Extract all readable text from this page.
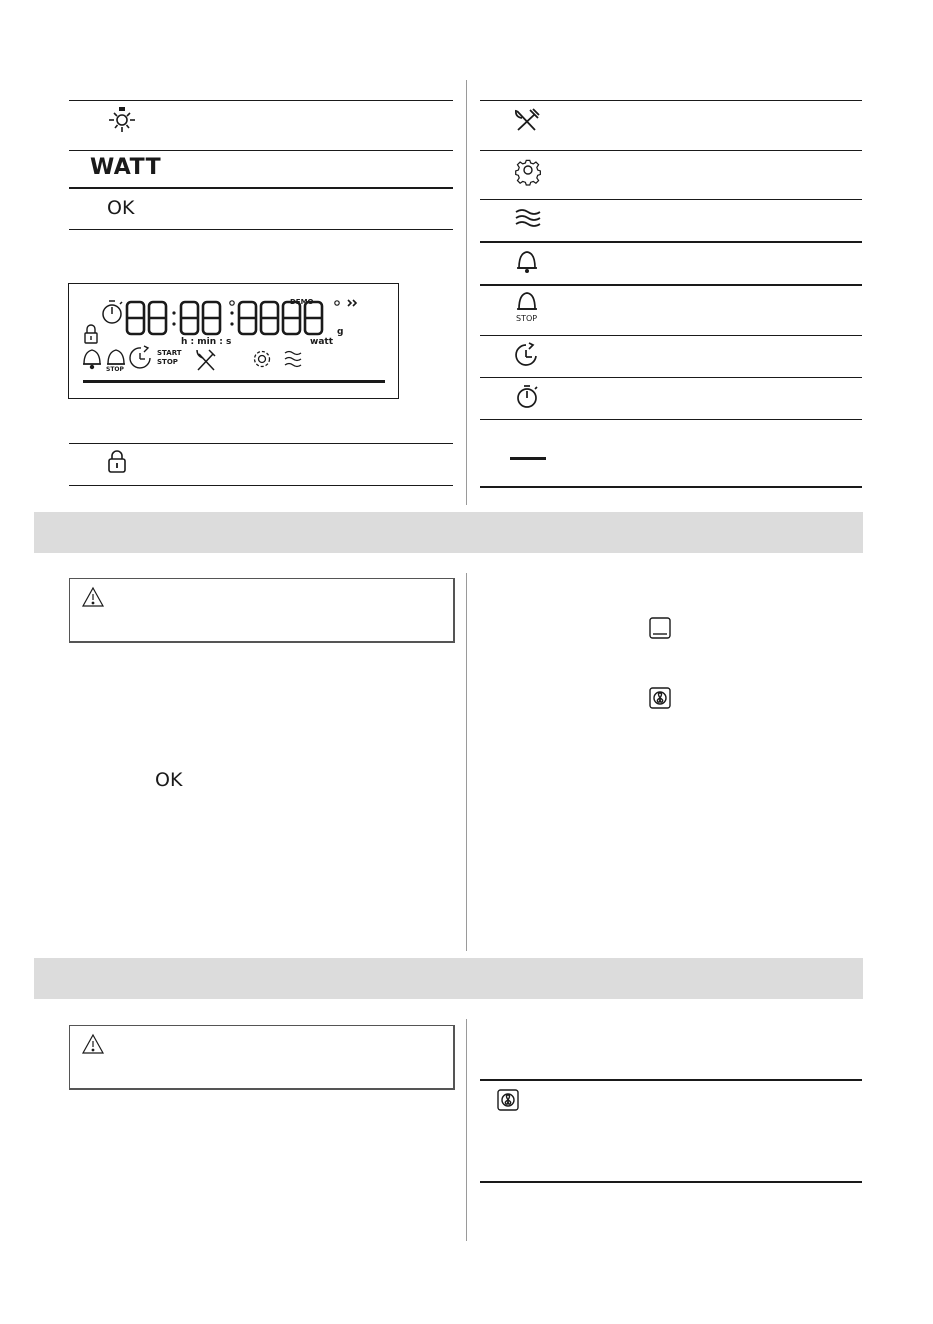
WATT
OK
DEMO
g
h : min : s	watt
STOP
START
STOP
STOP
OK
